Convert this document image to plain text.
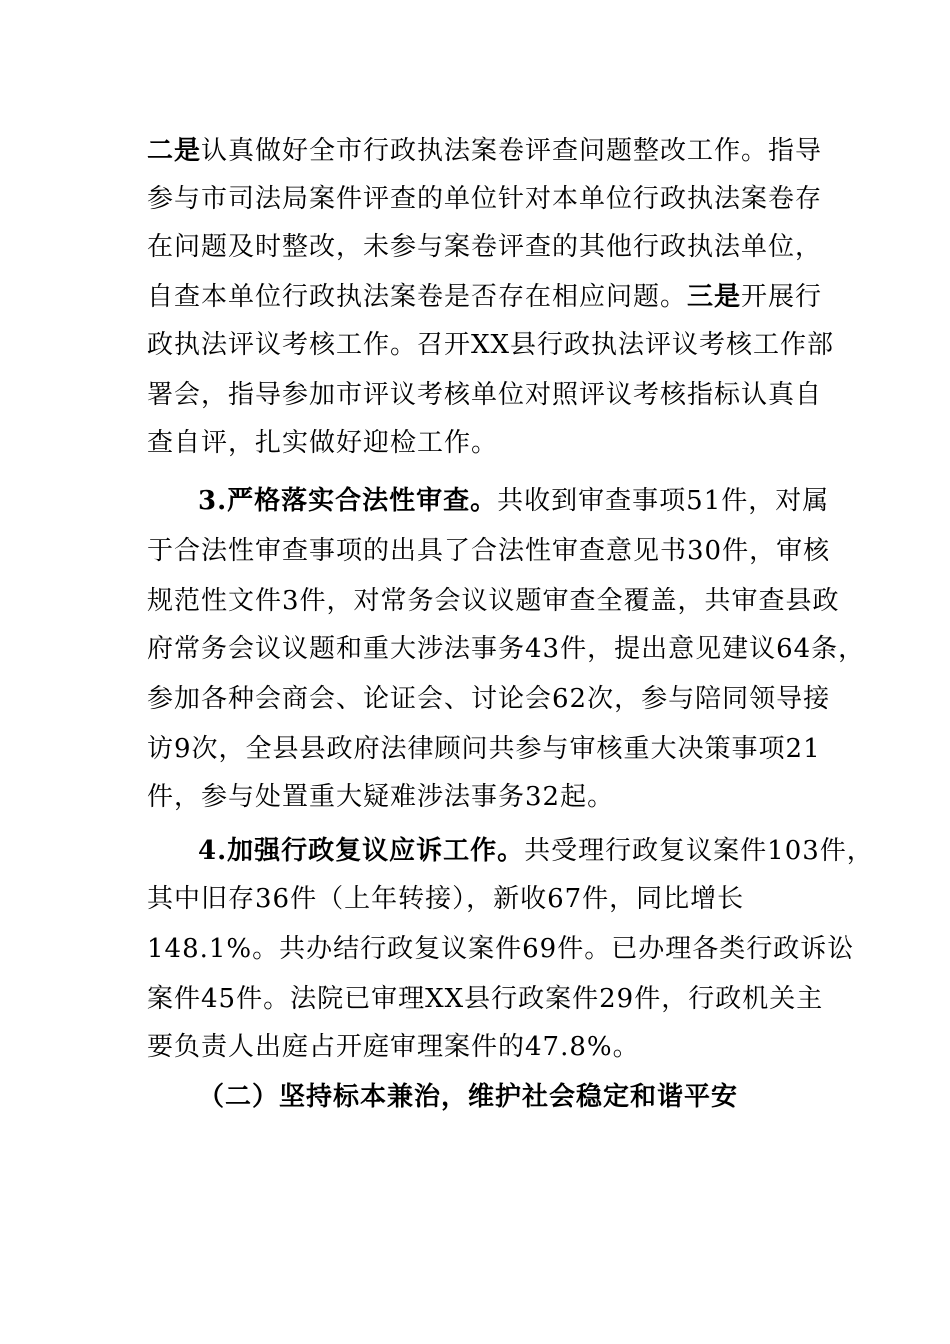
二是认真做好全市行政执法案卷评查问题整改工作。指导
参与市司法局案件评查的单位针对本单位行政执法案卷存
在问题及时整改，未参与案卷评查的其他行政执法单位，
自查本单位行政执法案卷是否存在相应问题。三是开展行
政执法评议考核工作。召开XX县行政执法评议考核工作部
署会，指导参加市评议考核单位对照评议考核指标认真自
查自评，扎实做好迎检工作。
3.严格落实合法性审查。共收到审查事项51件，对属
于合法性审查事项的出具了合法性审查意见书30件，审核
规范性文件3件，对常务会议议题审查全覆盖，共审查县政
府常务会议议题和重大涉法事务43件，提出意见建议64条，
参加各种会商会、论证会、讨论会62次，参与陪同领导接
访9次，全县县政府法律顾问共参与审核重大决策事项21
件，参与处置重大疑难涉法事务32起。
4.加强行政复议应诉工作。共受理行政复议案件103件，
其中旧存36件（上年转接），新收67件，同比增长
148.1%。共办结行政复议案件69件。已办理各类行政诉讼
案件45件。法院已审理XX县行政案件29件，行政机关主
要负责人出庭占开庭审理案件的47.8%。
（二）坚持标本兼治，维护社会稳定和谐平安
